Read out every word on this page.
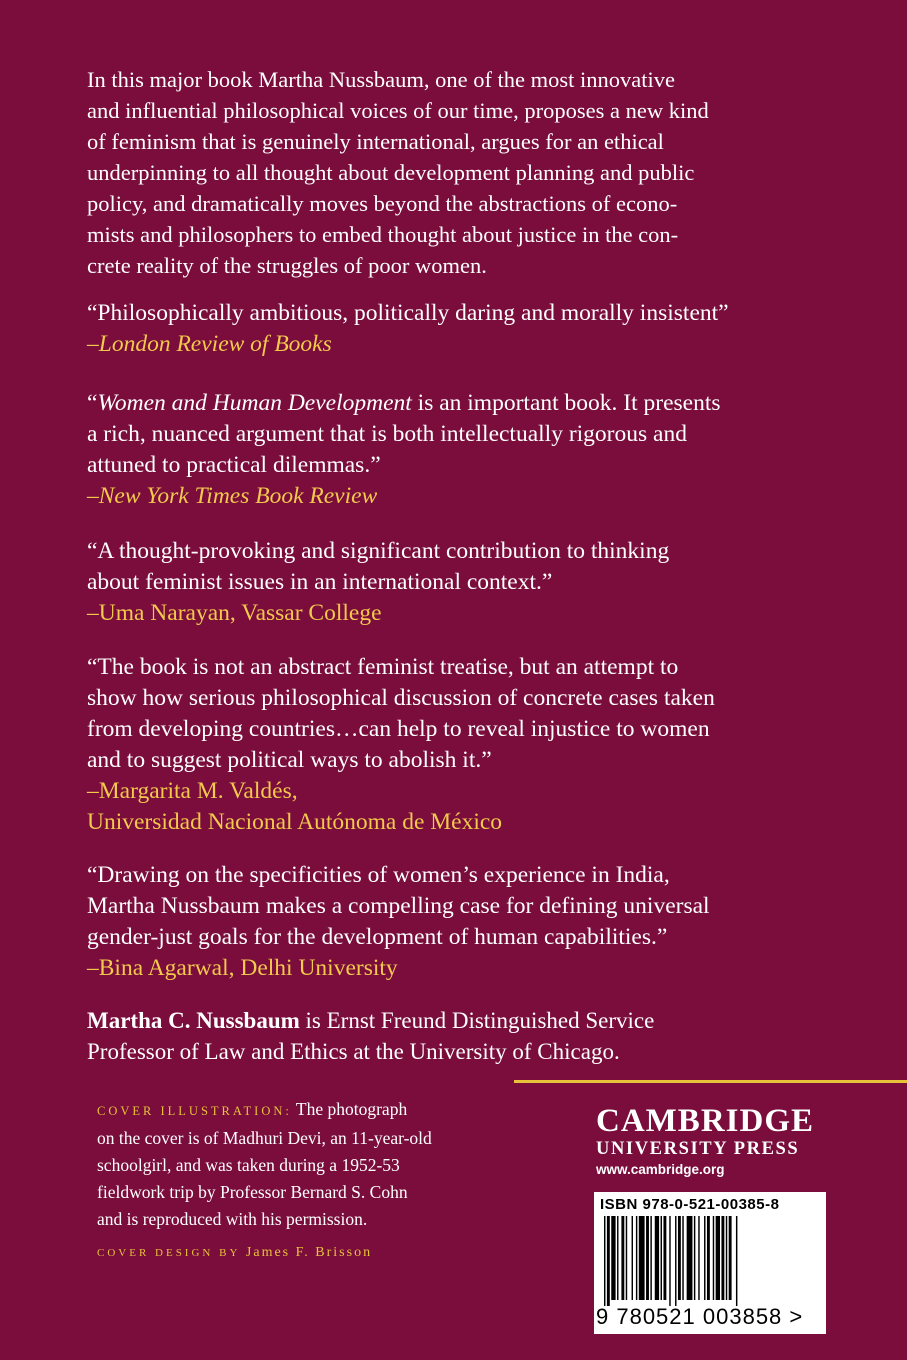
In this major book Martha Nussbaum, one of the most innovative
and influential philosophical voices of our time, proposes a new kind
of feminism that is genuinely international, argues for an ethical
underpinning to all thought about development planning and public
policy, and dramatically moves beyond the abstractions of econo-
mists and philosophers to embed thought about justice in the con-
crete reality of the struggles of poor women.

“Philosophically ambitious, politically daring and morally insistent”

–London Review of Books

“Women and Human Development is an important book. It presents

a rich, nuanced argument that is both intellectually rigorous and

attuned to practical dilemmas.”

–New York Times Book Review

“A thought-provoking and significant contribution to thinking

about feminist issues in an international context.”

–Uma Narayan, Vassar College

“The book is not an abstract feminist treatise, but an attempt to

show how serious philosophical discussion of concrete cases taken

from developing countries…can help to reveal injustice to women

and to suggest political ways to abolish it.”

–Margarita M. Valdés,

Universidad Nacional Autónoma de México

“Drawing on the specificities of women’s experience in India,

Martha Nussbaum makes a compelling case for defining universal

gender-just goals for the development of human capabilities.”

–Bina Agarwal, Delhi University

Martha C. Nussbaum is Ernst Freund Distinguished Service
Professor of Law and Ethics at the University of Chicago.
COVER ILLUSTRATION: The photograph
on the cover is of Madhuri Devi, an 11-year-old
schoolgirl, and was taken during a 1952-53
fieldwork trip by Professor Bernard S. Cohn
and is reproduced with his permission.
COVER DESIGN BY James F. Brisson
CAMBRIDGE
UNIVERSITY PRESS
www.cambridge.org
ISBN 978-0-521-00385-8
9 780521 003858 >
